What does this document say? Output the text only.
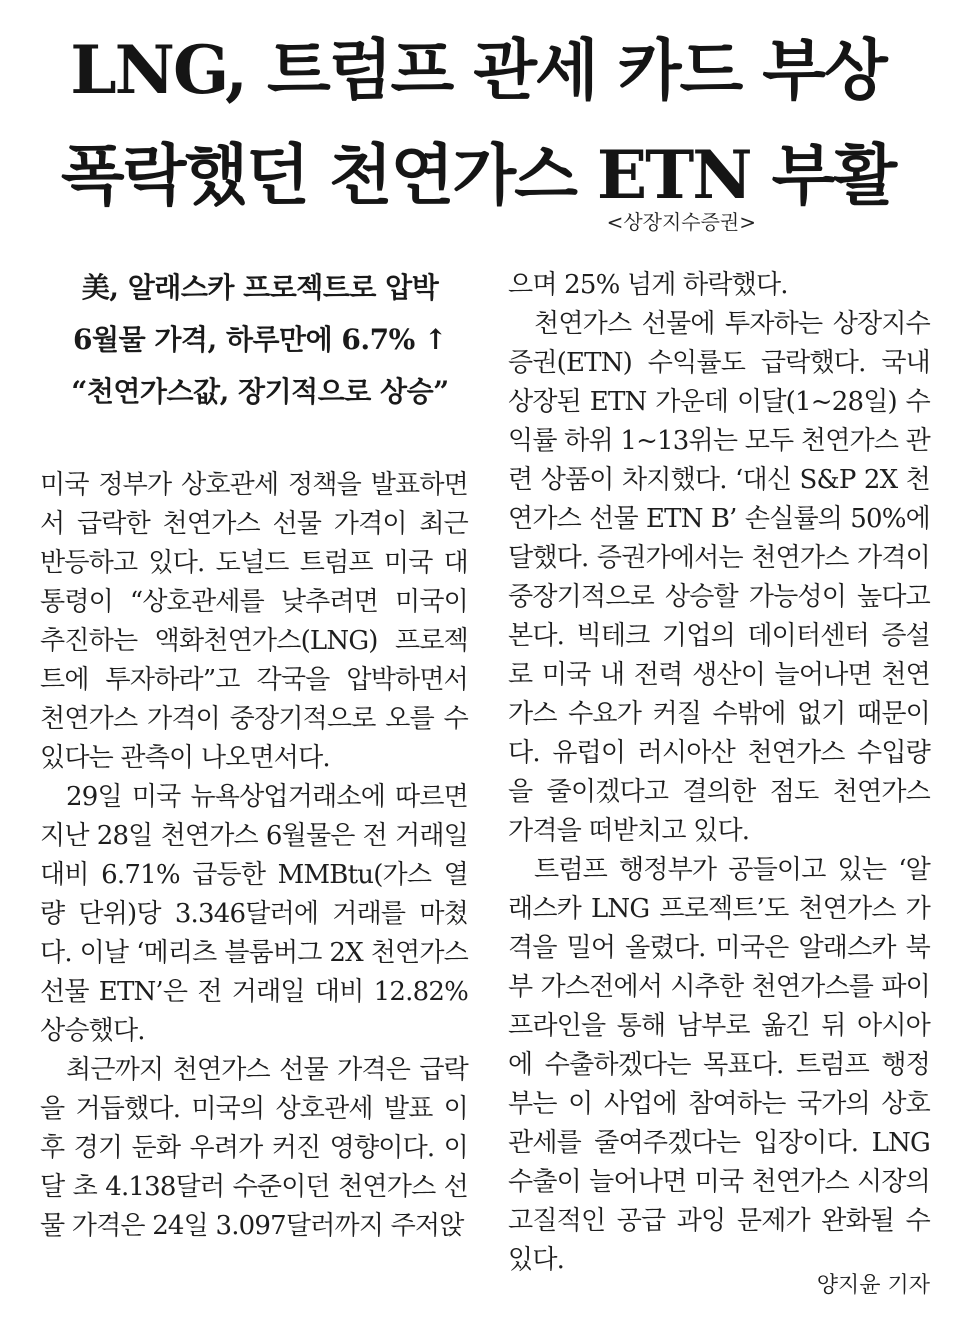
LNG, 트럼프 관세 카드 부상
폭락했던 천연가스 ETN 부활
<상장지수증권>
美, 알래스카 프로젝트로 압박
6월물 가격, 하루만에 6.7% ↑
“천연가스값, 장기적으로 상승”

미국 정부가 상호관세 정책을 발표하면서 급락한 천연가스 선물 가격이 최근 반등하고 있다. 도널드 트럼프 미국 대통령이 “상호관세를 낮추려면 미국이 추진하는 액화천연가스(LNG) 프로젝트에 투자하라”고 각국을 압박하면서 천연가스 가격이 중장기적으로 오를 수 있다는 관측이 나오면서다.

29일 미국 뉴욕상업거래소에 따르면 지난 28일 천연가스 6월물은 전 거래일 대비 6.71% 급등한 MMBtu(가스 열량 단위)당 3.346달러에 거래를 마쳤다. 이날 ‘메리츠 블룸버그 2X 천연가스 선물 ETN’은 전 거래일 대비 12.82% 상승했다.

최근까지 천연가스 선물 가격은 급락을 거듭했다. 미국의 상호관세 발표 이후 경기 둔화 우려가 커진 영향이다. 이달 초 4.138달러 수준이던 천연가스 선물 가격은 24일 3.097달러까지 주저앉

으며 25% 넘게 하락했다.

천연가스 선물에 투자하는 상장지수증권(ETN) 수익률도 급락했다. 국내 상장된 ETN 가운데 이달(1~28일) 수익률 하위 1~13위는 모두 천연가스 관련 상품이 차지했다. ‘대신 S&P 2X 천연가스 선물 ETN B’ 손실률의 50%에 달했다. 증권가에서는 천연가스 가격이 중장기적으로 상승할 가능성이 높다고 본다. 빅테크 기업의 데이터센터 증설로 미국 내 전력 생산이 늘어나면 천연가스 수요가 커질 수밖에 없기 때문이다. 유럽이 러시아산 천연가스 수입량을 줄이겠다고 결의한 점도 천연가스 가격을 떠받치고 있다.

트럼프 행정부가 공들이고 있는 ‘알래스카 LNG 프로젝트’도 천연가스 가격을 밀어 올렸다. 미국은 알래스카 북부 가스전에서 시추한 천연가스를 파이프라인을 통해 남부로 옮긴 뒤 아시아에 수출하겠다는 목표다. 트럼프 행정부는 이 사업에 참여하는 국가의 상호관세를 줄여주겠다는 입장이다. LNG 수출이 늘어나면 미국 천연가스 시장의 고질적인 공급 과잉 문제가 완화될 수 있다.

양지윤 기자
